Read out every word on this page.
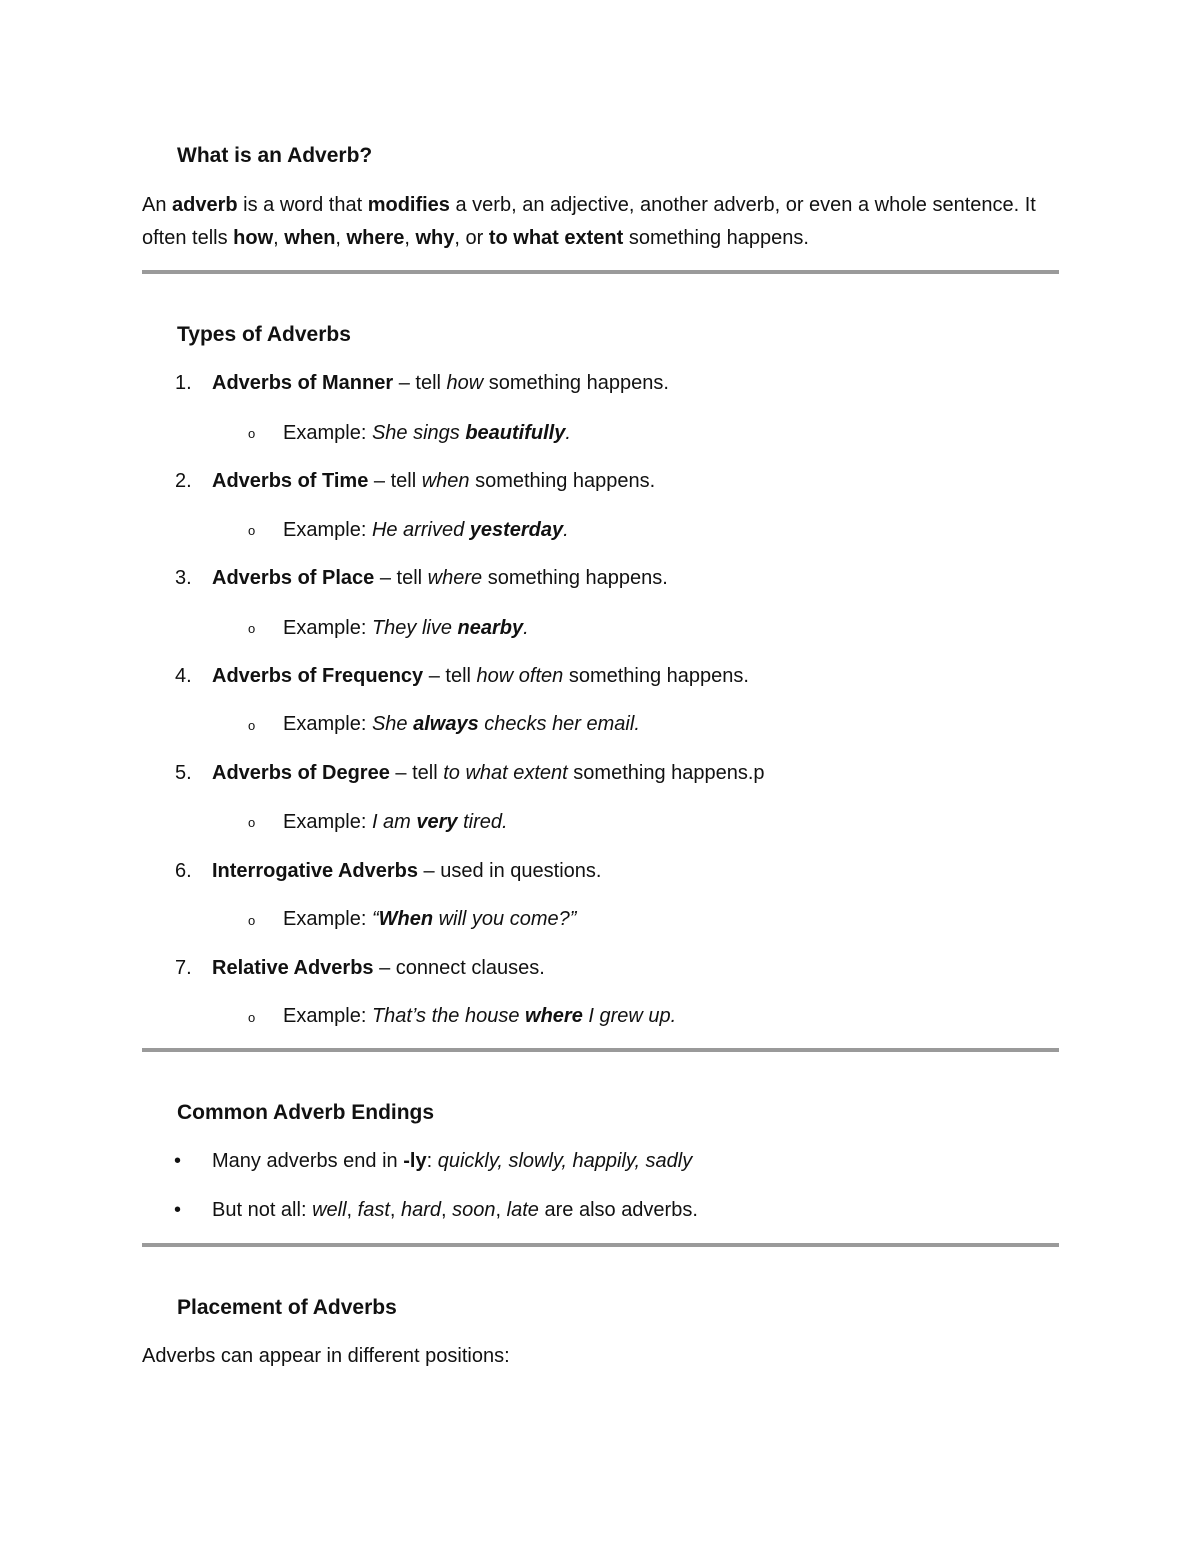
What is an Adverb?

An adverb is a word that modifies a verb, an adjective, another adverb, or even a whole sentence. It often tells how, when, where, why, or to what extent something happens.

Types of Adverbs
1. Adverbs of Manner – tell how something happens.
o Example: She sings beautifully.
2. Adverbs of Time – tell when something happens.
o Example: He arrived yesterday.
3. Adverbs of Place – tell where something happens.
o Example: They live nearby.
4. Adverbs of Frequency – tell how often something happens.
o Example: She always checks her email.
5. Adverbs of Degree – tell to what extent something happens.p
o Example: I am very tired.
6. Interrogative Adverbs – used in questions.
o Example: “When will you come?”
7. Relative Adverbs – connect clauses.
o Example: That’s the house where I grew up.
Common Adverb Endings
• Many adverbs end in -ly: quickly, slowly, happily, sadly
• But not all: well, fast, hard, soon, late are also adverbs.
Placement of Adverbs

Adverbs can appear in different positions:
